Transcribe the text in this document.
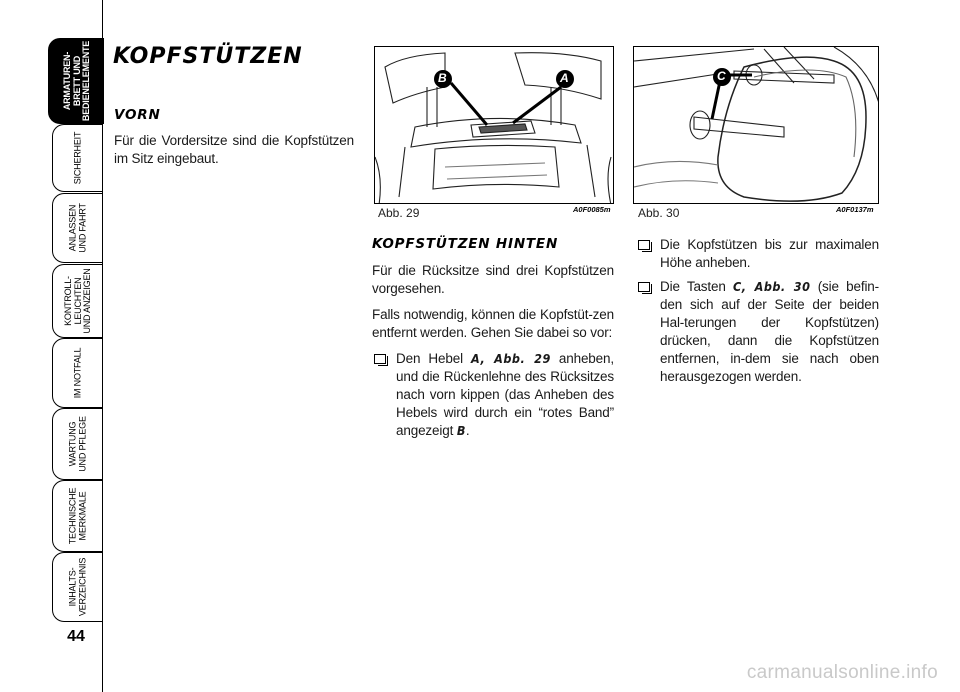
ARMATUREN-
BRETT UND
BEDIENELEMENTE
SICHERHEIT
ANLASSEN
UND FAHRT
KONTROLL-
LEUCHTEN
UND ANZEIGEN
IM NOTFALL
WARTUNG
UND PFLEGE
TECHNISCHE
MERKMALE
INHALTS-
VERZEICHNIS
44
KOPFSTÜTZEN
VORN

Für die Vordersitze sind die Kopfstützen im Sitz eingebaut.

B	A
Abb. 29	A0F0085m
C
Abb. 30	A0F0137m
KOPFSTÜTZEN HINTEN

Für die Rücksitze sind drei Kopfstützen vorgesehen.

Falls notwendig, können die Kopfstüt-zen entfernt werden. Gehen Sie dabei so vor:

Den Hebel A, Abb. 29 anheben, und die Rückenlehne des Rücksitzes nach vorn kippen (das Anheben des Hebels wird durch ein “rotes Band” angezeigt B.
Die Kopfstützen bis zur maximalen Höhe anheben.
Die Tasten C, Abb. 30 (sie befin-den sich auf der Seite der beiden Hal-terungen der Kopfstützen) drücken, dann die Kopfstützen entfernen, in-dem sie nach oben herausgezogen werden.
carmanualsonline.info
